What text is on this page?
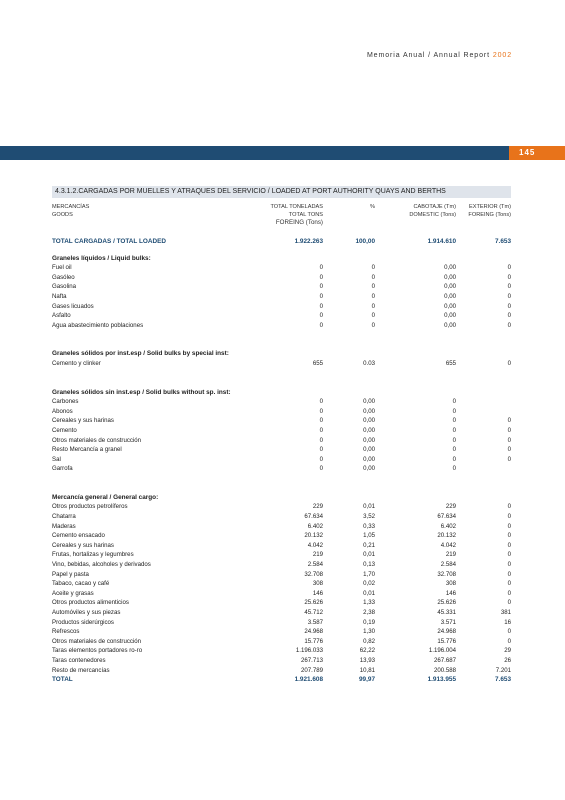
Memoria Anual / Annual Report 2002
145
4.3.1.2.CARGADAS POR MUELLES Y ATRAQUES DEL SERVICIO / LOADED AT PORT AUTHORITY QUAYS AND BERTHS
MERCANCÍAS
GOODS
TOTAL TONELADAS
TOTAL TONS
FOREING (Tons)
%	CABOTAJE (Tm)
DOMESTIC (Tons)
EXTERIOR (Tm)
FOREING (Tons)
TOTAL CARGADAS / TOTAL LOADED	1.922.263	100,00	1.914.610	7.653
Graneles líquidos / Liquid bulks:
Fuel oil	0	0	0,00	0
Gasóleo	0	0	0,00	0
Gasolina	0	0	0,00	0
Nafta	0	0	0,00	0
Gases licuados	0	0	0,00	0
Asfalto	0	0	0,00	0
Agua abastecimiento poblaciones	0	0	0,00	0
Graneles sólidos por inst.esp / Solid bulks by special inst:
Cemento y clinker	655	0.03	655	0
Graneles sólidos sin inst.esp / Solid bulks without sp. inst:
Carbones	0	0,00	0
Abonos	0	0,00	0
Cereales y sus harinas	0	0,00	0	0
Cemento	0	0,00	0	0
Otros materiales de construcción	0	0,00	0	0
Resto Mercancía a granel	0	0,00	0	0
Sal	0	0,00	0	0
Garrofa	0	0,00	0
Mercancía general / General cargo:
Otros productos petrolíferos	229	0,01	229	0
Chatarra	67.634	3,52	67.634	0
Maderas	6.402	0,33	6.402	0
Cemento ensacado	20.132	1,05	20.132	0
Cereales y sus harinas	4.042	0,21	4.042	0
Frutas, hortalizas y legumbres	219	0,01	219	0
Vino, bebidas, alcoholes y derivados	2.584	0,13	2.584	0
Papel y pasta	32.708	1,70	32.708	0
Tabaco, cacao y café	308	0,02	308	0
Aceite y grasas	146	0,01	146	0
Otros productos alimenticios	25.626	1,33	25.626	0
Automóviles y sus piezas	45.712	2,38	45.331	381
Productos siderúrgicos	3.587	0,19	3.571	16
Refrescos	24.968	1,30	24.968	0
Otros materiales de construcción	15.776	0,82	15.776	0
Taras elementos portadores ro-ro	1.196.033	62,22	1.196.004	29
Taras contenedores	267.713	13,93	267.687	26
Resto de mercancías	207.789	10,81	200.588	7.201
TOTAL	1.921.608	99,97	1.913.955	7.653
